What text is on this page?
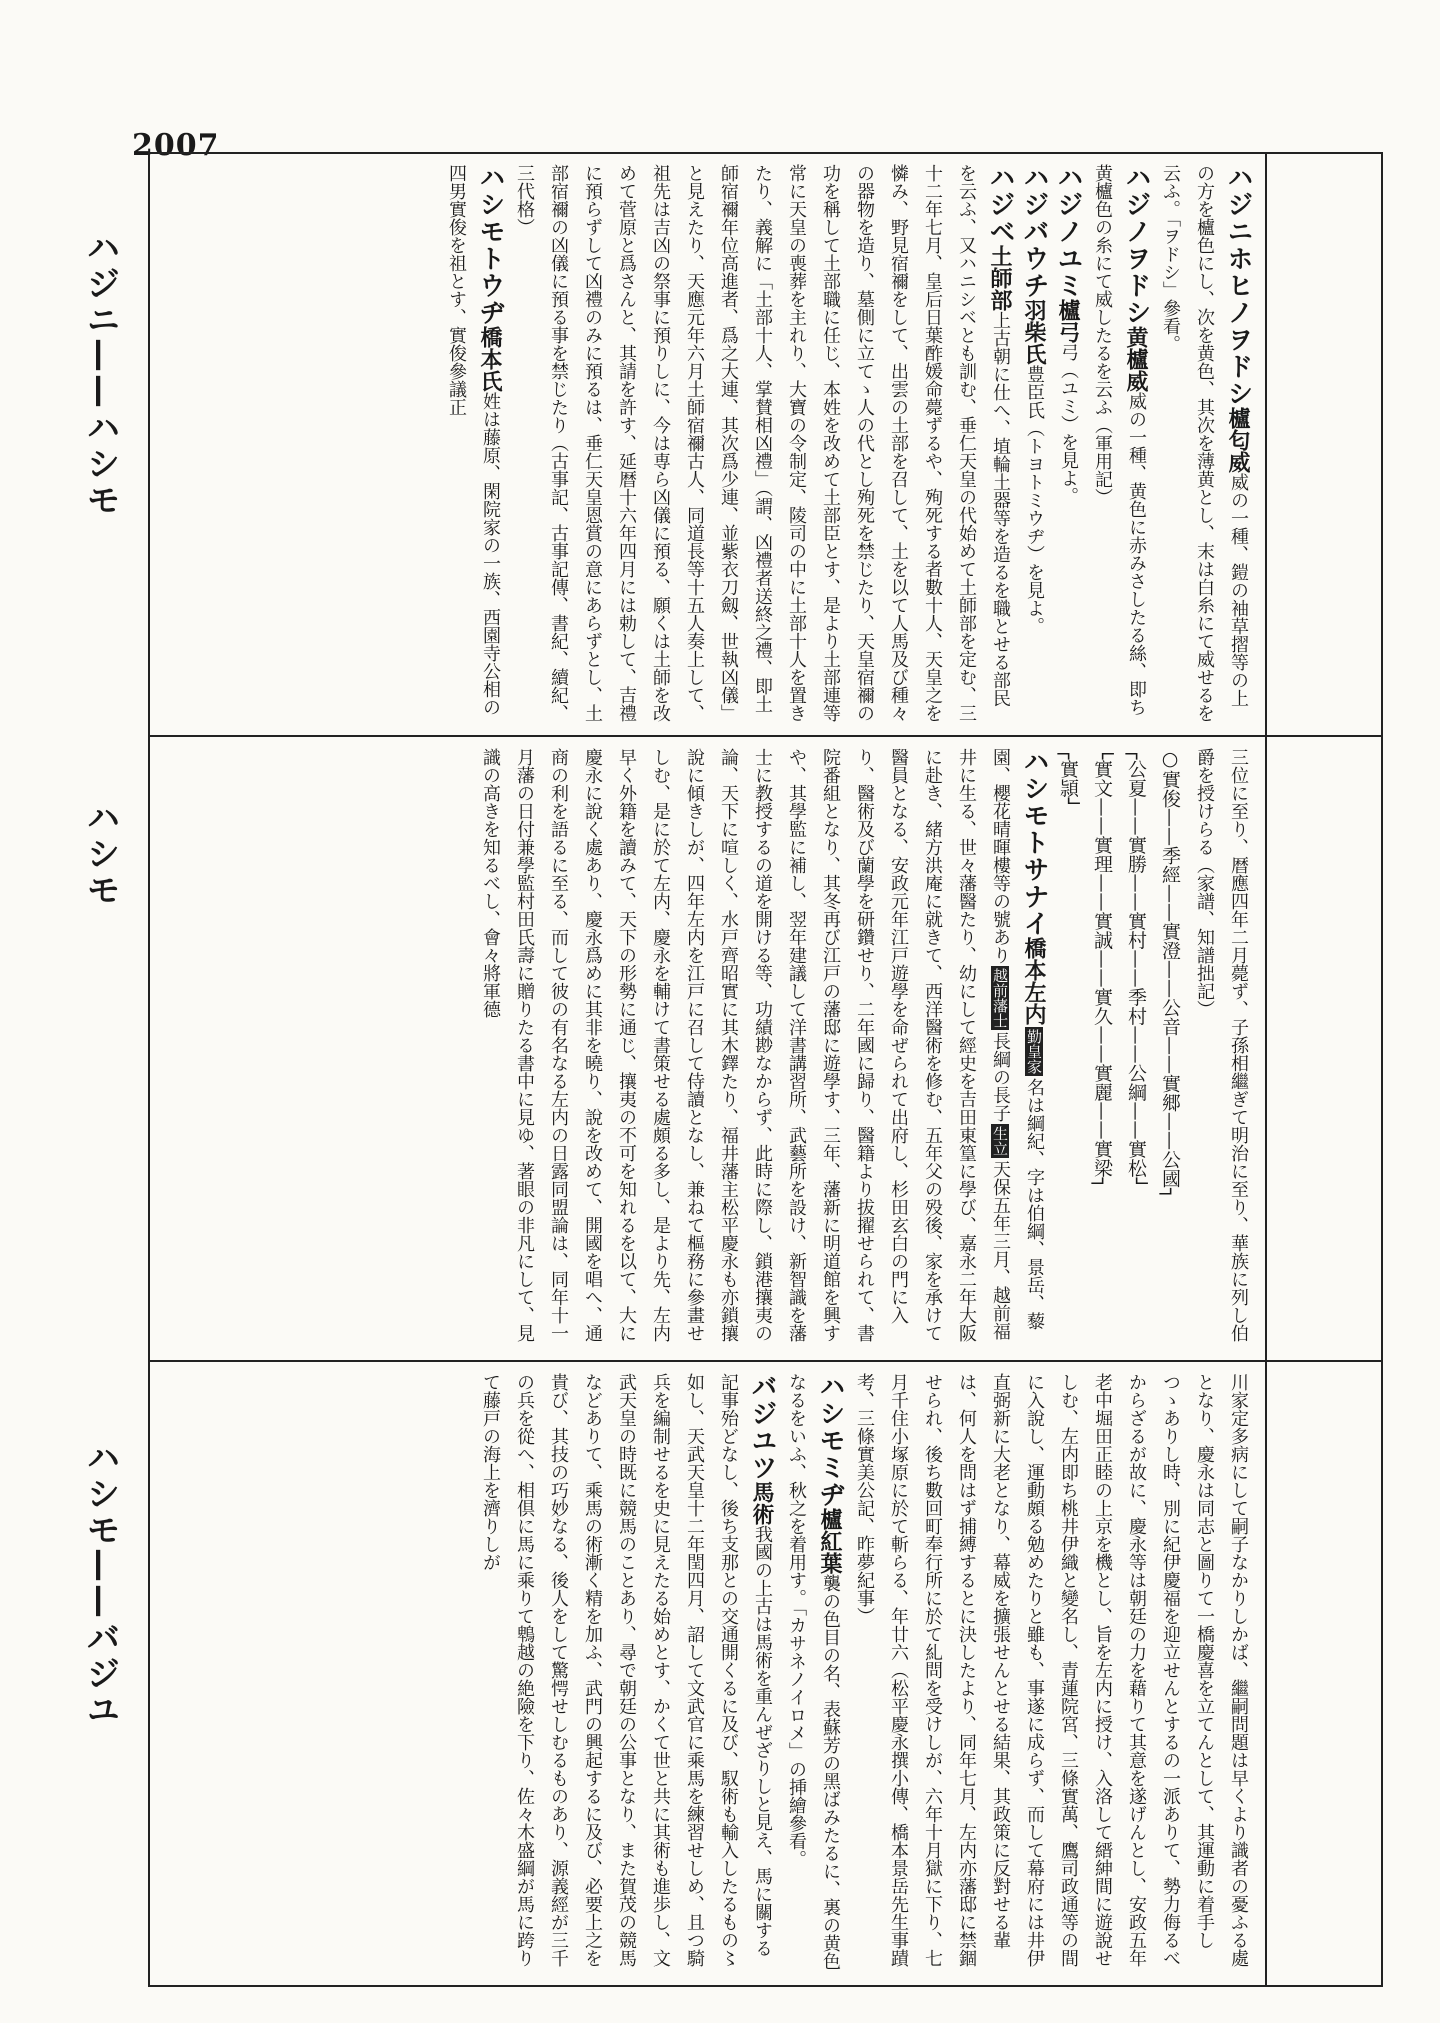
2007
ハジニ——ハシモ
ハシモ
ハシモ——バジユ

ハジニホヒノヲドシ櫨匂威威の一種、鎧の袖草摺等の上の方を櫨色にし、次を黄色、其次を薄黄とし、末は白糸にて威せるを云ふ。「ヲドシ」參看。

ハジノヲドシ黄櫨威威の一種、黄色に赤みさしたる絲、即ち黄櫨色の糸にて威したるを云ふ（軍用記）

ハジノユミ櫨弓弓（ユミ）を見よ。

ハジバウチ羽柴氏豊臣氏（トヨトミウヂ）を見よ。

ハジベ土師部上古朝に仕へ、埴輪土器等を造るを職とせる部民を云ふ、又ハニシベとも訓む、垂仁天皇の代始めて土師部を定む、三十二年七月、皇后日葉酢媛命薨ずるや、殉死する者數十人、天皇之を憐み、野見宿禰をして、出雲の土部を召して、土を以て人馬及び種々の器物を造り、墓側に立てゝ人の代とし殉死を禁じたり、天皇宿禰の功を稱して土部職に任じ、本姓を改めて土部臣とす、是より土部連等常に天皇の喪葬を主れり、大寶の令制定、陵司の中に土部十人を置きたり、義解に「土部十人、掌賛相凶禮」（謂、凶禮者送終之禮、即土師宿禰年位高進者、爲之大連、其次爲少連、並紫衣刀劔、世執凶儀」と見えたり、天應元年六月土師宿禰古人、同道長等十五人奏上して、祖先は吉凶の祭事に預りしに、今は専ら凶儀に預る、願くは土師を改めて菅原と爲さんと、其請を許す、延暦十六年四月には勅して、吉禮に預らずして凶禮のみに預るは、垂仁天皇恩賞の意にあらずとし、土部宿禰の凶儀に預る事を禁じたり（古事記、古事記傳、書紀、續紀、三代格）

ハシモトウヂ橋本氏姓は藤原、閑院家の一族、西園寺公相の四男實俊を祖とす、實俊參議正

三位に至り、暦應四年二月薨ず、子孫相繼ぎて明治に至り、華族に列し伯爵を授けらる（家譜、知譜拙記）

○實俊——季經——實澄——公音——實郷——公國┐

┌公夏——實勝——實村——季村——公綱——實松┘

└實文——實理——實誠——實久——實麗——實梁┐

┌實頴┘

ハシモトサナイ橋本左内勤皇家名は綱紀、字は伯綱、景岳、藜園、櫻花晴暉樓等の號あり越前藩士長綱の長子生立天保五年三月、越前福井に生る、世々藩醫たり、幼にして經史を吉田東篁に學び、嘉永二年大阪に赴き、緒方洪庵に就きて、西洋醫術を修む、五年父の殁後、家を承けて醫員となる、安政元年江戸遊學を命ぜられて出府し、杉田玄白の門に入り、醫術及び蘭學を研鑽せり、二年國に歸り、醫籍より拔擢せられて、書院番組となり、其冬再び江戸の藩邸に遊學す、三年、藩新に明道館を興すや、其學監に補し、翌年建議して洋書講習所、武藝所を設け、新智識を藩士に教授するの道を開ける等、功績尠なからず、此時に際し、鎖港攘夷の論、天下に喧しく、水戸齊昭實に其木鐸たり、福井藩主松平慶永も亦鎖攘說に傾きしが、四年左内を江戸に召して侍讀となし、兼ねて樞務に參畫せしむ、是に於て左内、慶永を輔けて書策せる處頗る多し、是より先、左内早く外籍を讀みて、天下の形勢に通じ、攘夷の不可を知れるを以て、大に慶永に說く處あり、慶永爲めに其非を曉り、說を改めて、開國を唱へ、通商の利を語るに至る、而して彼の有名なる左内の日露同盟論は、同年十一月藩の日付兼學監村田氏壽に贈りたる書中に見ゆ、著眼の非凡にして、見識の高きを知るべし、會々將軍德

川家定多病にして嗣子なかりしかば、繼嗣問題は早くより識者の憂ふる處となり、慶永は同志と圖りて一橋慶喜を立てんとして、其運動に着手しつゝありし時、別に紀伊慶福を迎立せんとするの一派ありて、勢力侮るべからざるが故に、慶永等は朝廷の力を藉りて其意を遂げんとし、安政五年老中堀田正睦の上京を機とし、旨を左内に授け、入洛して縉紳間に遊說せしむ、左内即ち桃井伊織と變名し、青蓮院宮、三條實萬、鷹司政通等の間に入說し、運動頗る勉めたりと雖も、事遂に成らず、而して幕府には井伊直弼新に大老となり、幕威を擴張せんとせる結果、其政策に反對せる輩は、何人を問はず捕縛するとに決したより、同年七月、左内亦藩邸に禁錮せられ、後ち數回町奉行所に於て糺問を受けしが、六年十月獄に下り、七月千住小塚原に於て斬らる、年廿六（松平慶永撰小傳、橋本景岳先生事蹟考、三條實美公記、昨夢紀事）

ハシモミヂ櫨紅葉襲の色目の名、表蘇芳の黑ばみたるに、裏の黄色なるをいふ、秋之を着用す。「カサネノイロメ」の挿繪參看。

バジユツ馬術我國の上古は馬術を重んぜざりしと見え、馬に關する記事殆どなし、後ち支那との交通開くるに及び、馭術も輸入したるもの〻如し、天武天皇十二年閏四月、詔して文武官に乘馬を練習せしめ、且つ騎兵を編制せるを史に見えたる始めとす、かくて世と共に其術も進歩し、文武天皇の時既に競馬のことあり、尋で朝廷の公事となり、また賀茂の競馬などありて、乘馬の術漸く精を加ふ、武門の興起するに及び、必要上之を貴び、其技の巧妙なる、後人をして驚愕せしむるものあり、源義經が三千の兵を從へ、相倶に馬に乘りて鵯越の絶險を下り、佐々木盛綱が馬に跨りて藤戸の海上を濟りしが
